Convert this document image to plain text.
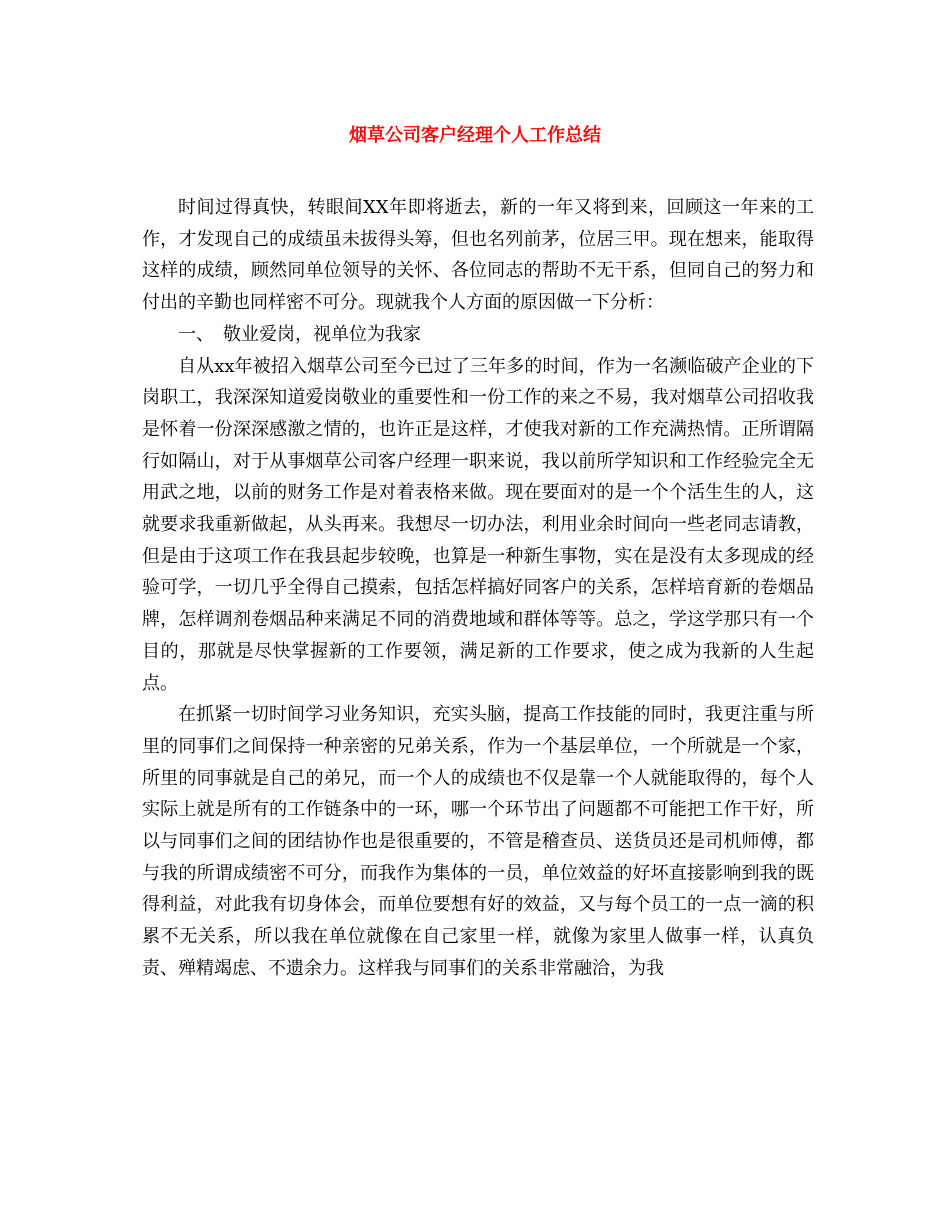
烟草公司客户经理个人工作总结

时间过得真快，转眼间XX年即将逝去，新的一年又将到来，回顾这一年来的工作，才发现自己的成绩虽未拔得头筹，但也名列前茅，位居三甲。现在想来，能取得这样的成绩，顾然同单位领导的关怀、各位同志的帮助不无干系，但同自己的努力和付出的辛勤也同样密不可分。现就我个人方面的原因做一下分析：

一、　敬业爱岗，视单位为我家

自从xx年被招入烟草公司至今已过了三年多的时间，作为一名濒临破产企业的下岗职工，我深深知道爱岗敬业的重要性和一份工作的来之不易，我对烟草公司招收我是怀着一份深深感激之情的，也许正是这样，才使我对新的工作充满热情。正所谓隔行如隔山，对于从事烟草公司客户经理一职来说，我以前所学知识和工作经验完全无用武之地，以前的财务工作是对着表格来做。现在要面对的是一个个活生生的人，这就要求我重新做起，从头再来。我想尽一切办法，利用业余时间向一些老同志请教，但是由于这项工作在我县起步较晚，也算是一种新生事物，实在是没有太多现成的经验可学，一切几乎全得自己摸索，包括怎样搞好同客户的关系，怎样培育新的卷烟品牌，怎样调剂卷烟品种来满足不同的消费地域和群体等等。总之，学这学那只有一个目的，那就是尽快掌握新的工作要领，满足新的工作要求，使之成为我新的人生起点。

在抓紧一切时间学习业务知识，充实头脑，提高工作技能的同时，我更注重与所里的同事们之间保持一种亲密的兄弟关系，作为一个基层单位，一个所就是一个家，所里的同事就是自己的弟兄，而一个人的成绩也不仅是靠一个人就能取得的，每个人实际上就是所有的工作链条中的一环，哪一个环节出了问题都不可能把工作干好，所以与同事们之间的团结协作也是很重要的，不管是稽查员、送货员还是司机师傅，都与我的所谓成绩密不可分，而我作为集体的一员，单位效益的好坏直接影响到我的既得利益，对此我有切身体会，而单位要想有好的效益，又与每个员工的一点一滴的积累不无关系，所以我在单位就像在自己家里一样，就像为家里人做事一样，认真负责、殚精竭虑、不遗余力。这样我与同事们的关系非常融洽，为我
